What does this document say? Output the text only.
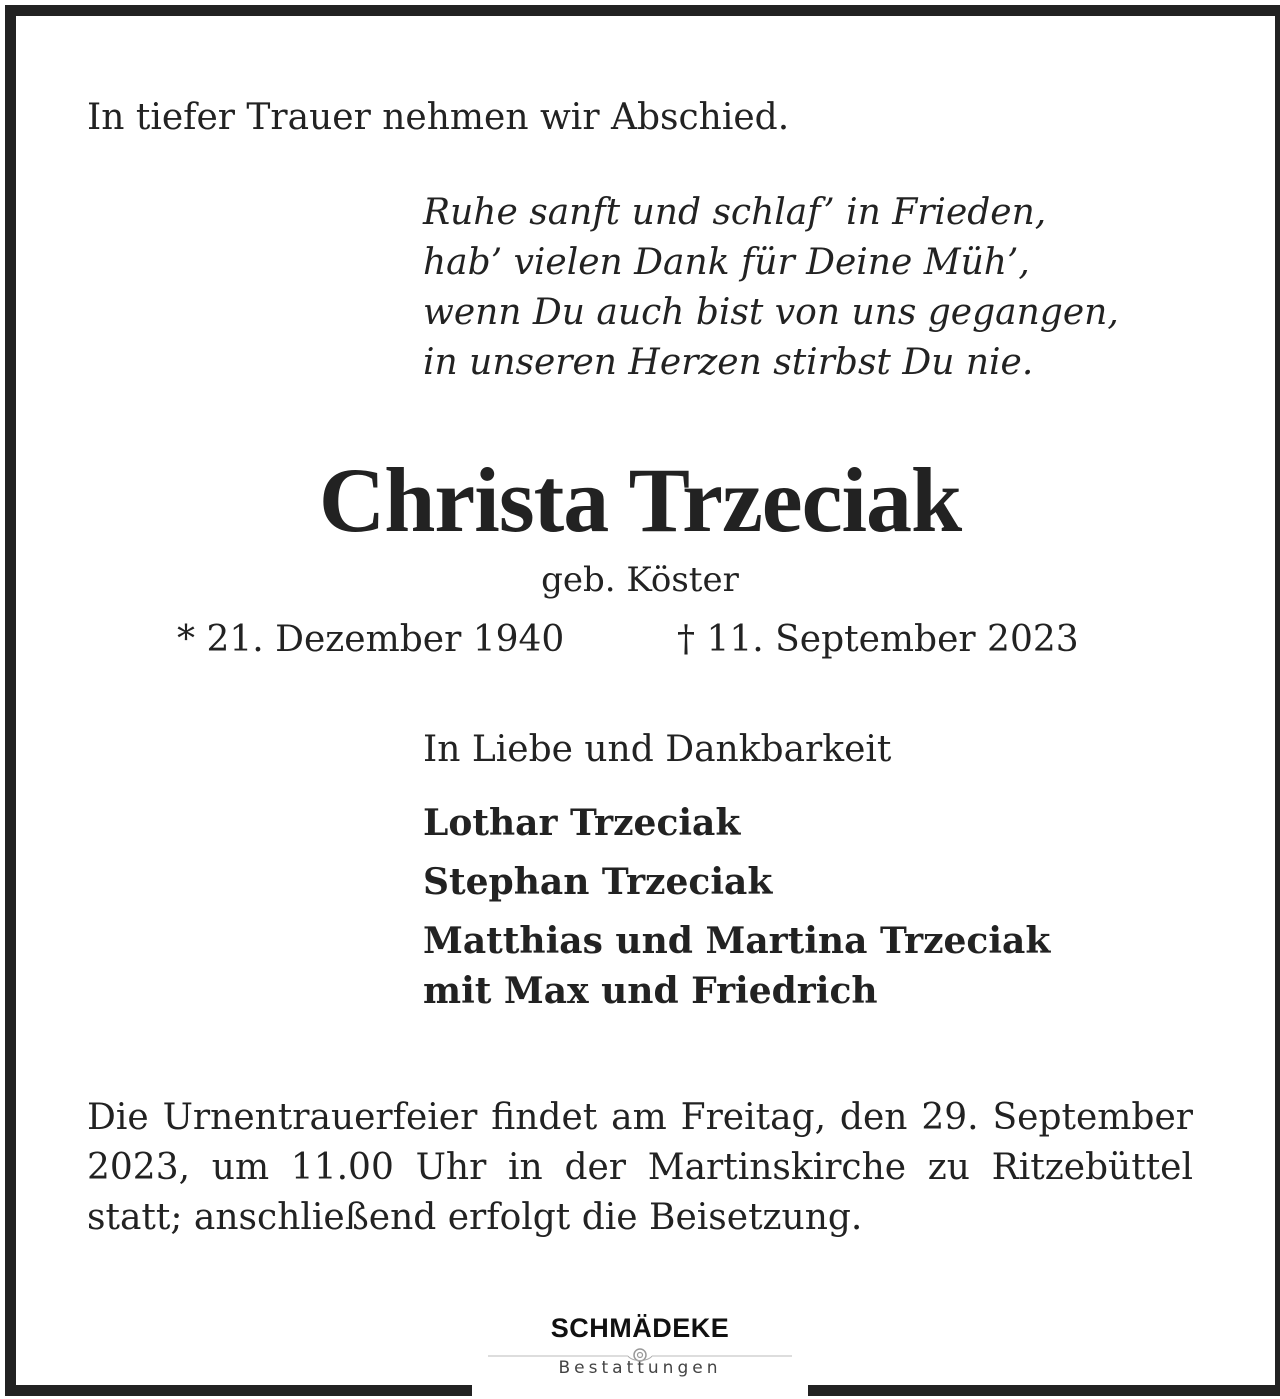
In tiefer Trauer nehmen wir Abschied.
Ruhe sanft und schlaf’ in Frieden,
hab’ vielen Dank für Deine Müh’,
wenn Du auch bist von uns gegangen,
in unseren Herzen stirbst Du nie.
Christa Trzeciak
geb. Köster
* 21. Dezember 1940	† 11. September 2023
In Liebe und Dankbarkeit
Lothar Trzeciak
Stephan Trzeciak
Matthias und Martina Trzeciak
mit Max und Friedrich
Die Urnentrauerfeier findet am Freitag, den 29. September 2023, um 11.00 Uhr in der Martinskirche zu Ritzebüttel statt; anschließend erfolgt die Beisetzung.
SCHMÄDEKE
Bestattungen
